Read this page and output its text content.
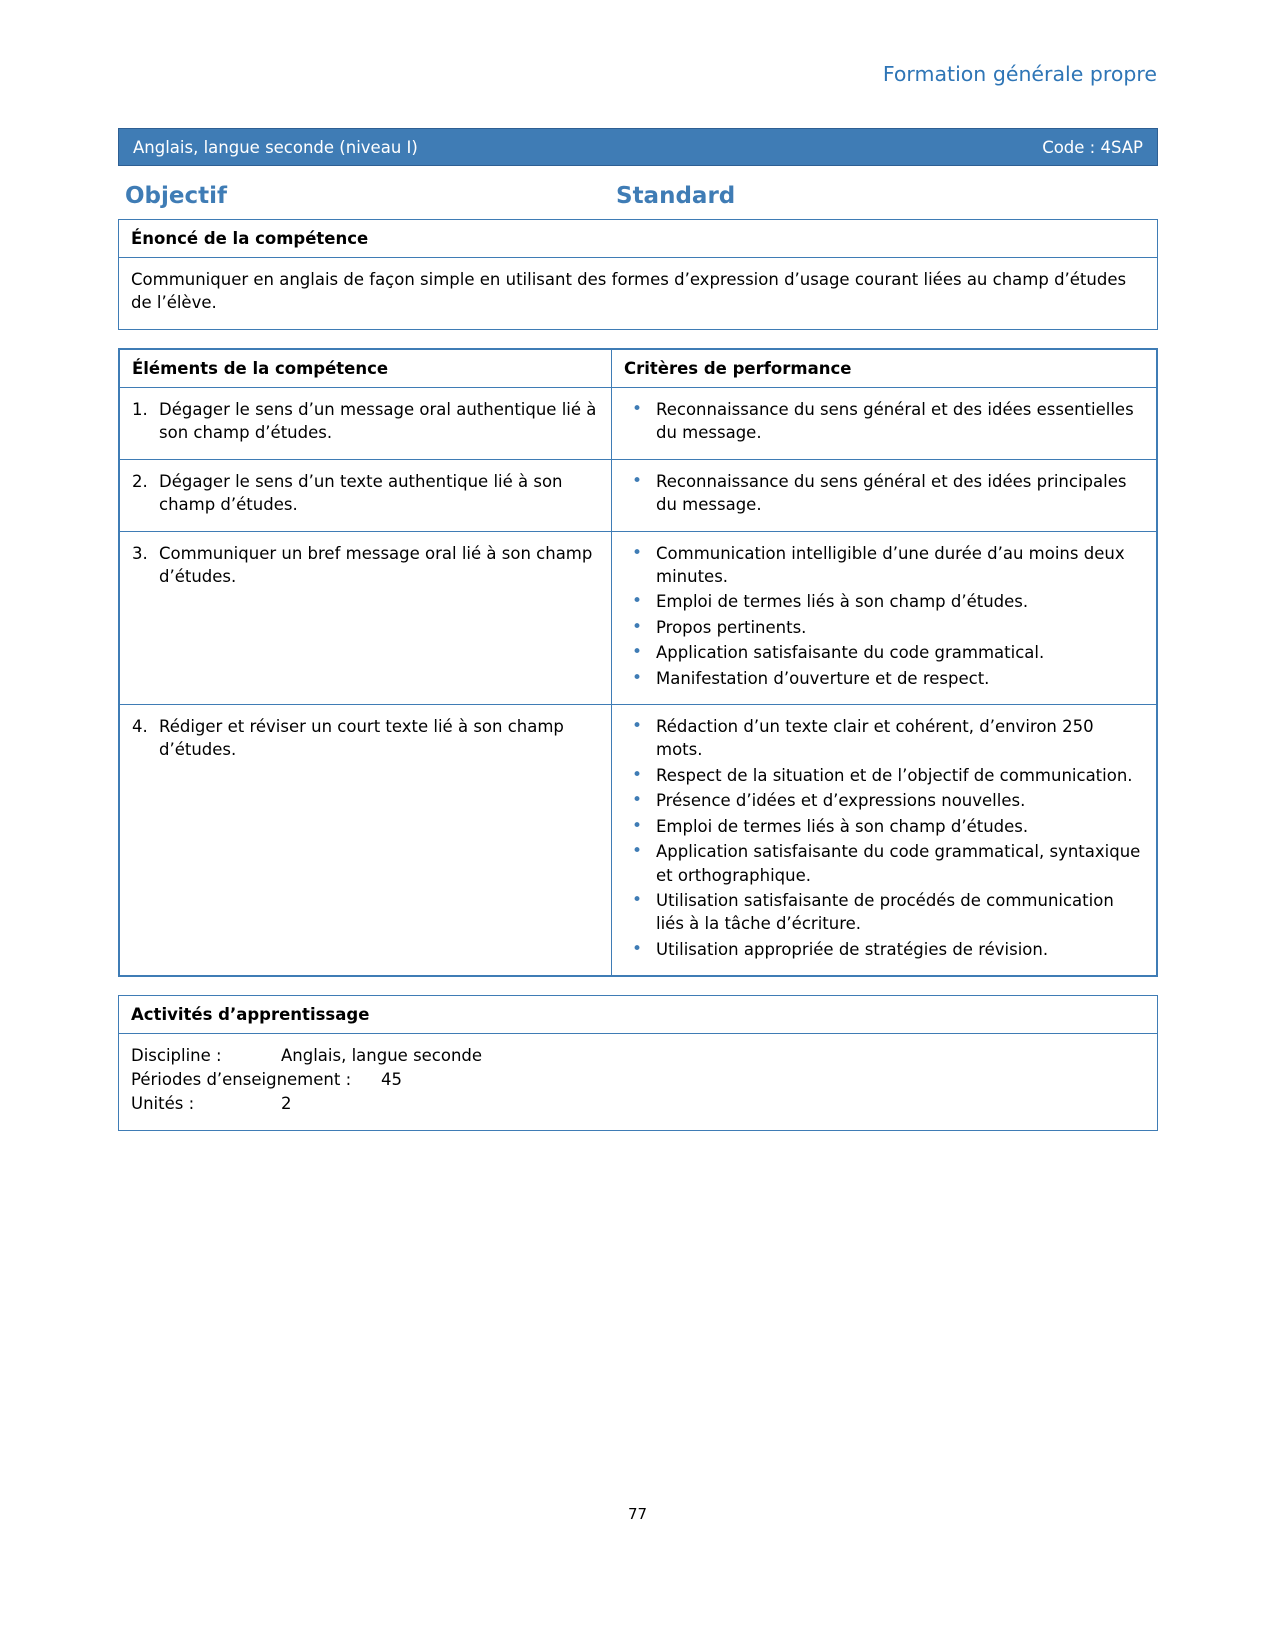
Formation générale propre
Anglais, langue seconde (niveau I)	Code : 4SAP
Objectif	Standard
Énoncé de la compétence
Communiquer en anglais de façon simple en utilisant des formes d’expression d’usage courant liées au champ d’études de l’élève.
Éléments de la compétence	Critères de performance

1. Dégager le sens d’un message oral authentique lié à son champ d’études.

• Reconnaissance du sens général et des idées essentielles du message.

2. Dégager le sens d’un texte authentique lié à son champ d’études.

• Reconnaissance du sens général et des idées principales du message.

3. Communiquer un bref message oral lié à son champ d’études.

• Communication intelligible d’une durée d’au moins deux minutes.
• Emploi de termes liés à son champ d’études.
• Propos pertinents.
• Application satisfaisante du code grammatical.
• Manifestation d’ouverture et de respect.

4. Rédiger et réviser un court texte lié à son champ d’études.

• Rédaction d’un texte clair et cohérent, d’environ 250 mots.
• Respect de la situation et de l’objectif de communication.
• Présence d’idées et d’expressions nouvelles.
• Emploi de termes liés à son champ d’études.
• Application satisfaisante du code grammatical, syntaxique et orthographique.
• Utilisation satisfaisante de procédés de communication liés à la tâche d’écriture.
• Utilisation appropriée de stratégies de révision.
Activités d’apprentissage
Discipline :	Anglais, langue seconde
Périodes d’enseignement :	45
Unités :	2
77
